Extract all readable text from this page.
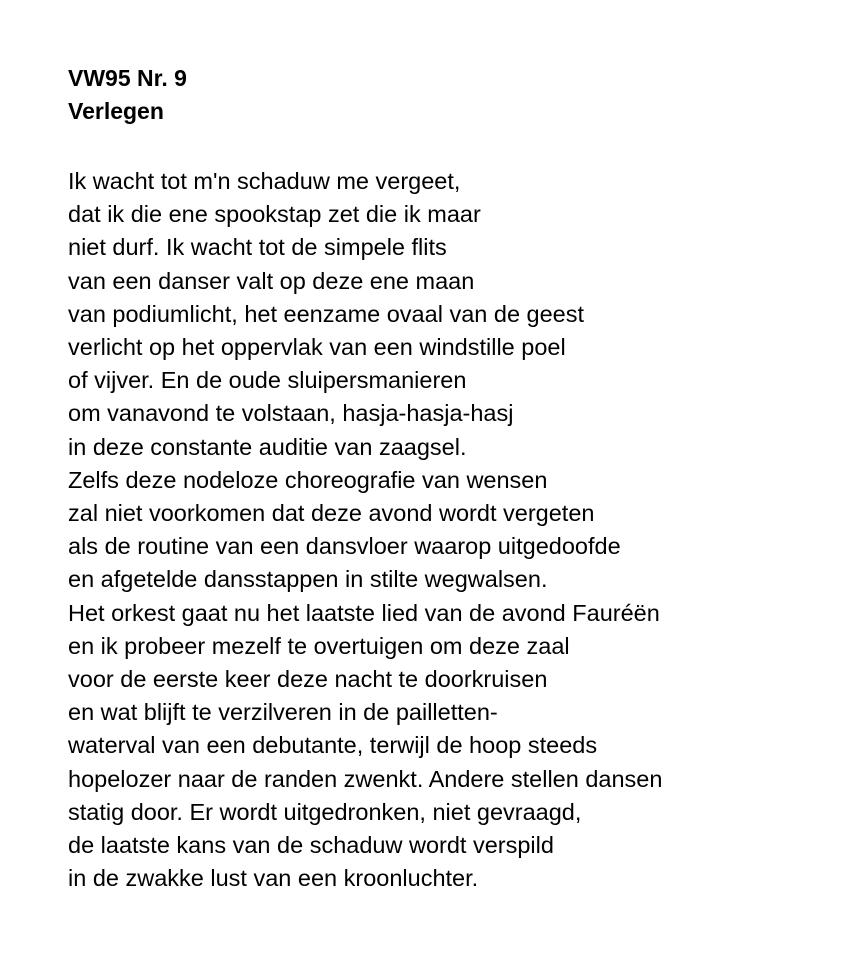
VW95 Nr. 9
Verlegen
Ik wacht tot m'n schaduw me vergeet,
dat ik die ene spookstap zet die ik maar
niet durf. Ik wacht tot de simpele flits
van een danser valt op deze ene maan
van podiumlicht, het eenzame ovaal van de geest
verlicht op het oppervlak van een windstille poel
of vijver. En de oude sluipersmanieren
om vanavond te volstaan, hasja-hasja-hasj
in deze constante auditie van zaagsel.
Zelfs deze nodeloze choreografie van wensen
zal niet voorkomen dat deze avond wordt vergeten
als de routine van een dansvloer waarop uitgedoofde
en afgetelde dansstappen in stilte wegwalsen.
Het orkest gaat nu het laatste lied van de avond Fauréën
en ik probeer mezelf te overtuigen om deze zaal
voor de eerste keer deze nacht te doorkruisen
en wat blijft te verzilveren in de pailletten-
waterval van een debutante, terwijl de hoop steeds
hopelozer naar de randen zwenkt. Andere stellen dansen
statig door. Er wordt uitgedronken, niet gevraagd,
de laatste kans van de schaduw wordt verspild
in de zwakke lust van een kroonluchter.
